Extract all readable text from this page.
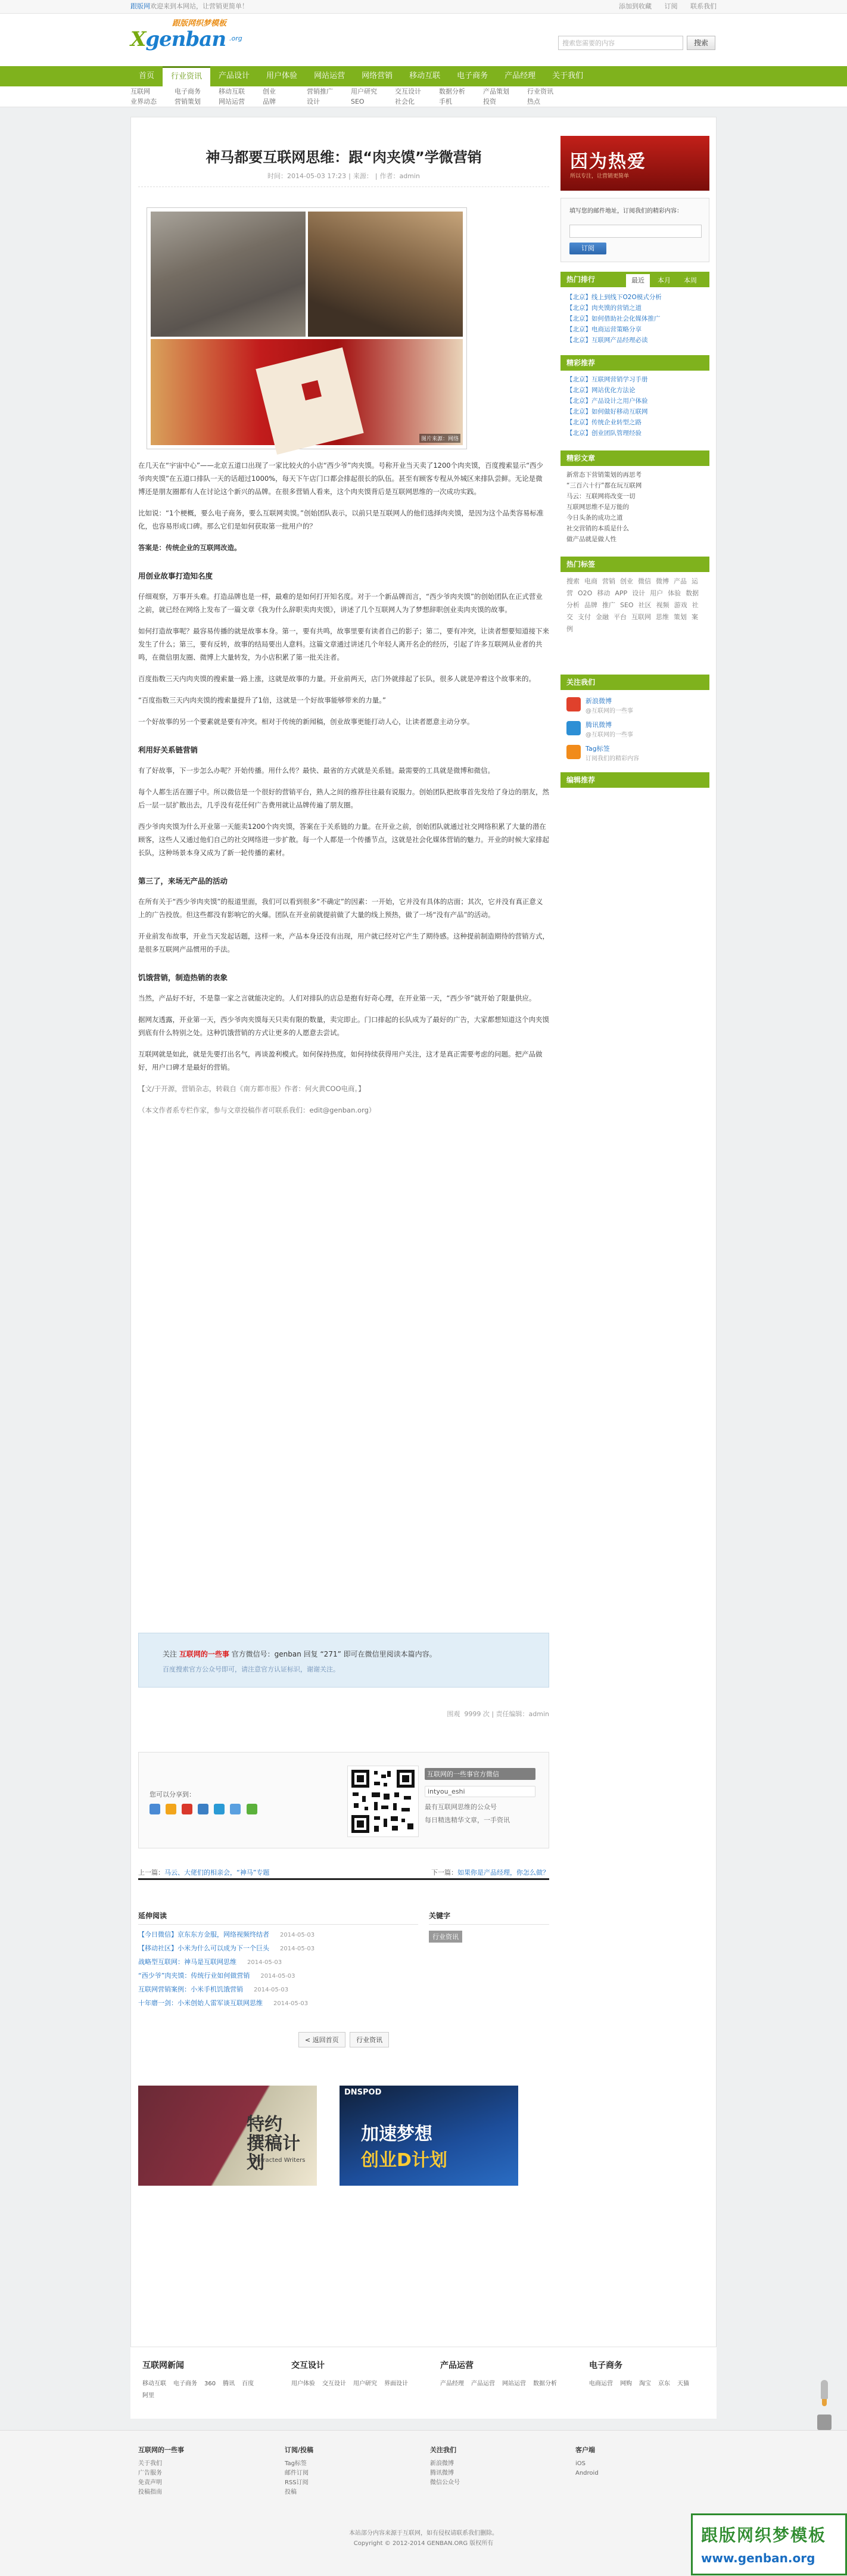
跟版网欢迎来到本网站，让营销更简单！	添加到收藏 订阅 联系我们
跟版网织梦模板
Xgenban .org
搜索您需要的内容	搜索
首页	行业资讯	产品设计	用户体验	网站运营	网络营销	移动互联	电子商务	产品经理	关于我们
互联网	电子商务	移动互联	创业	营销推广	用户研究	交互设计	数据分析	产品策划	行业资讯
业界动态	营销策划	网站运营	品牌	设计	SEO	社会化	手机	投资	热点
神马都要互联网思维：跟“肉夹馍”学微营销
时间：2014-05-03 17:23 | 来源： | 作者：admin
图片来源：网络

在几天在“宇宙中心”——北京五道口出现了一家比较火的小店“西少爷”肉夹馍。号称开业当天卖了1200个肉夹馍，百度搜索显示“西少爷肉夹馍”在五道口排队一天的话超过1000%，每天下午店门口都会排起很长的队伍。甚至有顾客专程从外城区来排队尝鲜。无论是微博还是朋友圈都有人在讨论这个新兴的品牌。在很多营销人看来，这个肉夹馍背后是互联网思维的一次成功实践。

比如说：“1个梗概，要么电子商务，要么互联网卖馍。”创始团队表示，以前只是互联网人的他们选择肉夹馍，是因为这个品类容易标准化，也容易形成口碑。那么它们是如何获取第一批用户的？

答案是：传统企业的互联网改造。

用创业故事打造知名度

仔细观察，万事开头难。打造品牌也是一样，最难的是如何打开知名度。对于一个新品牌而言，“西少爷肉夹馍”的创始团队在正式营业之前，就已经在网络上发布了一篇文章《我为什么辞职卖肉夹馍》，讲述了几个互联网人为了梦想辞职创业卖肉夹馍的故事。

如何打造故事呢？最容易传播的就是故事本身。第一，要有共鸣，故事里要有读者自己的影子；第二，要有冲突，让读者想要知道接下来发生了什么；第三，要有反转，故事的结局要出人意料。这篇文章通过讲述几个年轻人离开名企的经历，引起了许多互联网从业者的共鸣，在微信朋友圈、微博上大量转发，为小店积累了第一批关注者。

百度指数三天内肉夹馍的搜索量一路上涨，这就是故事的力量。开业前两天，店门外就排起了长队，很多人就是冲着这个故事来的。

“百度指数三天内肉夹馍的搜索量提升了1倍，这就是一个好故事能够带来的力量。”

一个好故事的另一个要素就是要有冲突。相对于传统的新闻稿，创业故事更能打动人心，让读者愿意主动分享。

利用好关系链营销

有了好故事，下一步怎么办呢？开始传播。用什么传？最快、最省的方式就是关系链。最需要的工具就是微博和微信。

每个人都生活在圈子中。所以微信是一个很好的营销平台，熟人之间的推荐往往最有说服力。创始团队把故事首先发给了身边的朋友，然后一层一层扩散出去，几乎没有花任何广告费用就让品牌传遍了朋友圈。

西少爷肉夹馍为什么开业第一天能卖1200个肉夹馍，答案在于关系链的力量。在开业之前，创始团队就通过社交网络积累了大量的潜在顾客，这些人又通过他们自己的社交网络进一步扩散。每一个人都是一个传播节点，这就是社会化媒体营销的魅力。开业的时候大家排起长队，这种场景本身又成为了新一轮传播的素材。

第三了，来场无产品的活动

在所有关于“西少爷肉夹馍”的报道里面，我们可以看到很多“不确定”的因素：一开始，它并没有具体的店面；其次，它并没有真正意义上的广告投放。但这些都没有影响它的火爆。团队在开业前就提前做了大量的线上预热，做了一场“没有产品”的活动。

开业前发布故事，开业当天发起话题，这样一来，产品本身还没有出现，用户就已经对它产生了期待感。这种提前制造期待的营销方式，是很多互联网产品惯用的手法。

饥饿营销，制造热销的表象

当然，产品好不好，不是靠一家之言就能决定的。人们对排队的店总是抱有好奇心理，在开业第一天，“西少爷”就开始了限量供应。

据网友透露，开业第一天，西少爷肉夹馍每天只卖有限的数量，卖完即止。门口排起的长队成为了最好的广告，大家都想知道这个肉夹馍到底有什么特别之处。这种饥饿营销的方式让更多的人愿意去尝试。

互联网就是如此，就是先要打出名气，再谈盈利模式。如何保持热度，如何持续获得用户关注，这才是真正需要考虑的问题。把产品做好，用户口碑才是最好的营销。

【文/于开源，营销杂志，转载自《南方都市报》作者：何火黄COO电商。】

（本文作者系专栏作家，参与文章投稿作者可联系我们：edit@genban.org）

关注 互联网的一些事 官方微信号：genban 回复 “271” 即可在微信里阅读本篇内容。
百度搜索官方公众号即可，请注意官方认证标识，谢谢关注。
围观 9999 次 | 责任编辑：admin
您可以分享到：

互联网的一些事官方微信
intyou_eshi
最有互联网思维的公众号
每日精选精华文章，一手资讯
上一篇：马云、大佬们的相亲会，“神马”专题	下一篇：如果你是产品经理，你怎么做？
延伸阅读
【今日微信】京东东方金服，网络视频终结者 2014-05-03
【移动社区】小米为什么可以成为下一个巨头 2014-05-03
战略型互联网：神马是互联网思维 2014-05-03
“西少爷”肉夹馍：传统行业如何做营销 2014-05-03
互联网营销案例：小米手机饥饿营销 2014-05-03
十年磨一剑：小米创始人雷军谈互联网思维 2014-05-03
关键字
行业资讯
< 返回首页	行业资讯
特约
撰稿计划
Contracted Writers
DNSPOD
加速梦想
创业D计划
因为热爱
所以专注，让营销更简单
填写您的邮件地址，订阅我们的精彩内容：
订阅
热门排行	最近	本月	本周
【北京】线上到线下O2O模式分析
【北京】肉夹馍的营销之道
【北京】如何借助社会化媒体推广
【北京】电商运营策略分享
【北京】互联网产品经理必读
精彩推荐
【北京】互联网营销学习手册
【北京】网站优化方法论
【北京】产品设计之用户体验
【北京】如何做好移动互联网
【北京】传统企业转型之路
【北京】创业团队管理经验
精彩文章
新常态下营销策划的再思考
“三百六十行”都在玩互联网
马云：互联网将改变一切
互联网思维不是万能的
今日头条的成功之道
社交营销的本质是什么
做产品就是做人性
热门标签
搜索 电商 营销 创业 微信 微博 产品 运营 O2O 移动 APP 设计 用户 体验 数据分析 品牌 推广 SEO 社区 视频 游戏 社交 支付 金融 平台 互联网 思维 策划 案例
关注我们
新浪微博
@互联网的一些事
腾讯微博
@互联网的一些事
Tag标签
订阅我们的精彩内容
编辑推荐
互联网新闻
移动互联 电子商务 360 腾讯 百度阿里
交互设计
用户体验 交互设计 用户研究 界面设计
产品运营
产品经理 产品运营 网站运营 数据分析
电子商务
电商运营 网购 淘宝 京东 天猫
本站部分内容来源于互联网，如有侵权请联系我们删除。
Copyright © 2012-2014 GENBAN.ORG 版权所有
互联网的一些事
关于我们
广告服务
免责声明
投稿指南
订阅/投稿
Tag标签
邮件订阅
RSS订阅
投稿
关注我们
新浪微博
腾讯微博
微信公众号
客户端
iOS
Android
跟版网织梦模板
www.genban.org
